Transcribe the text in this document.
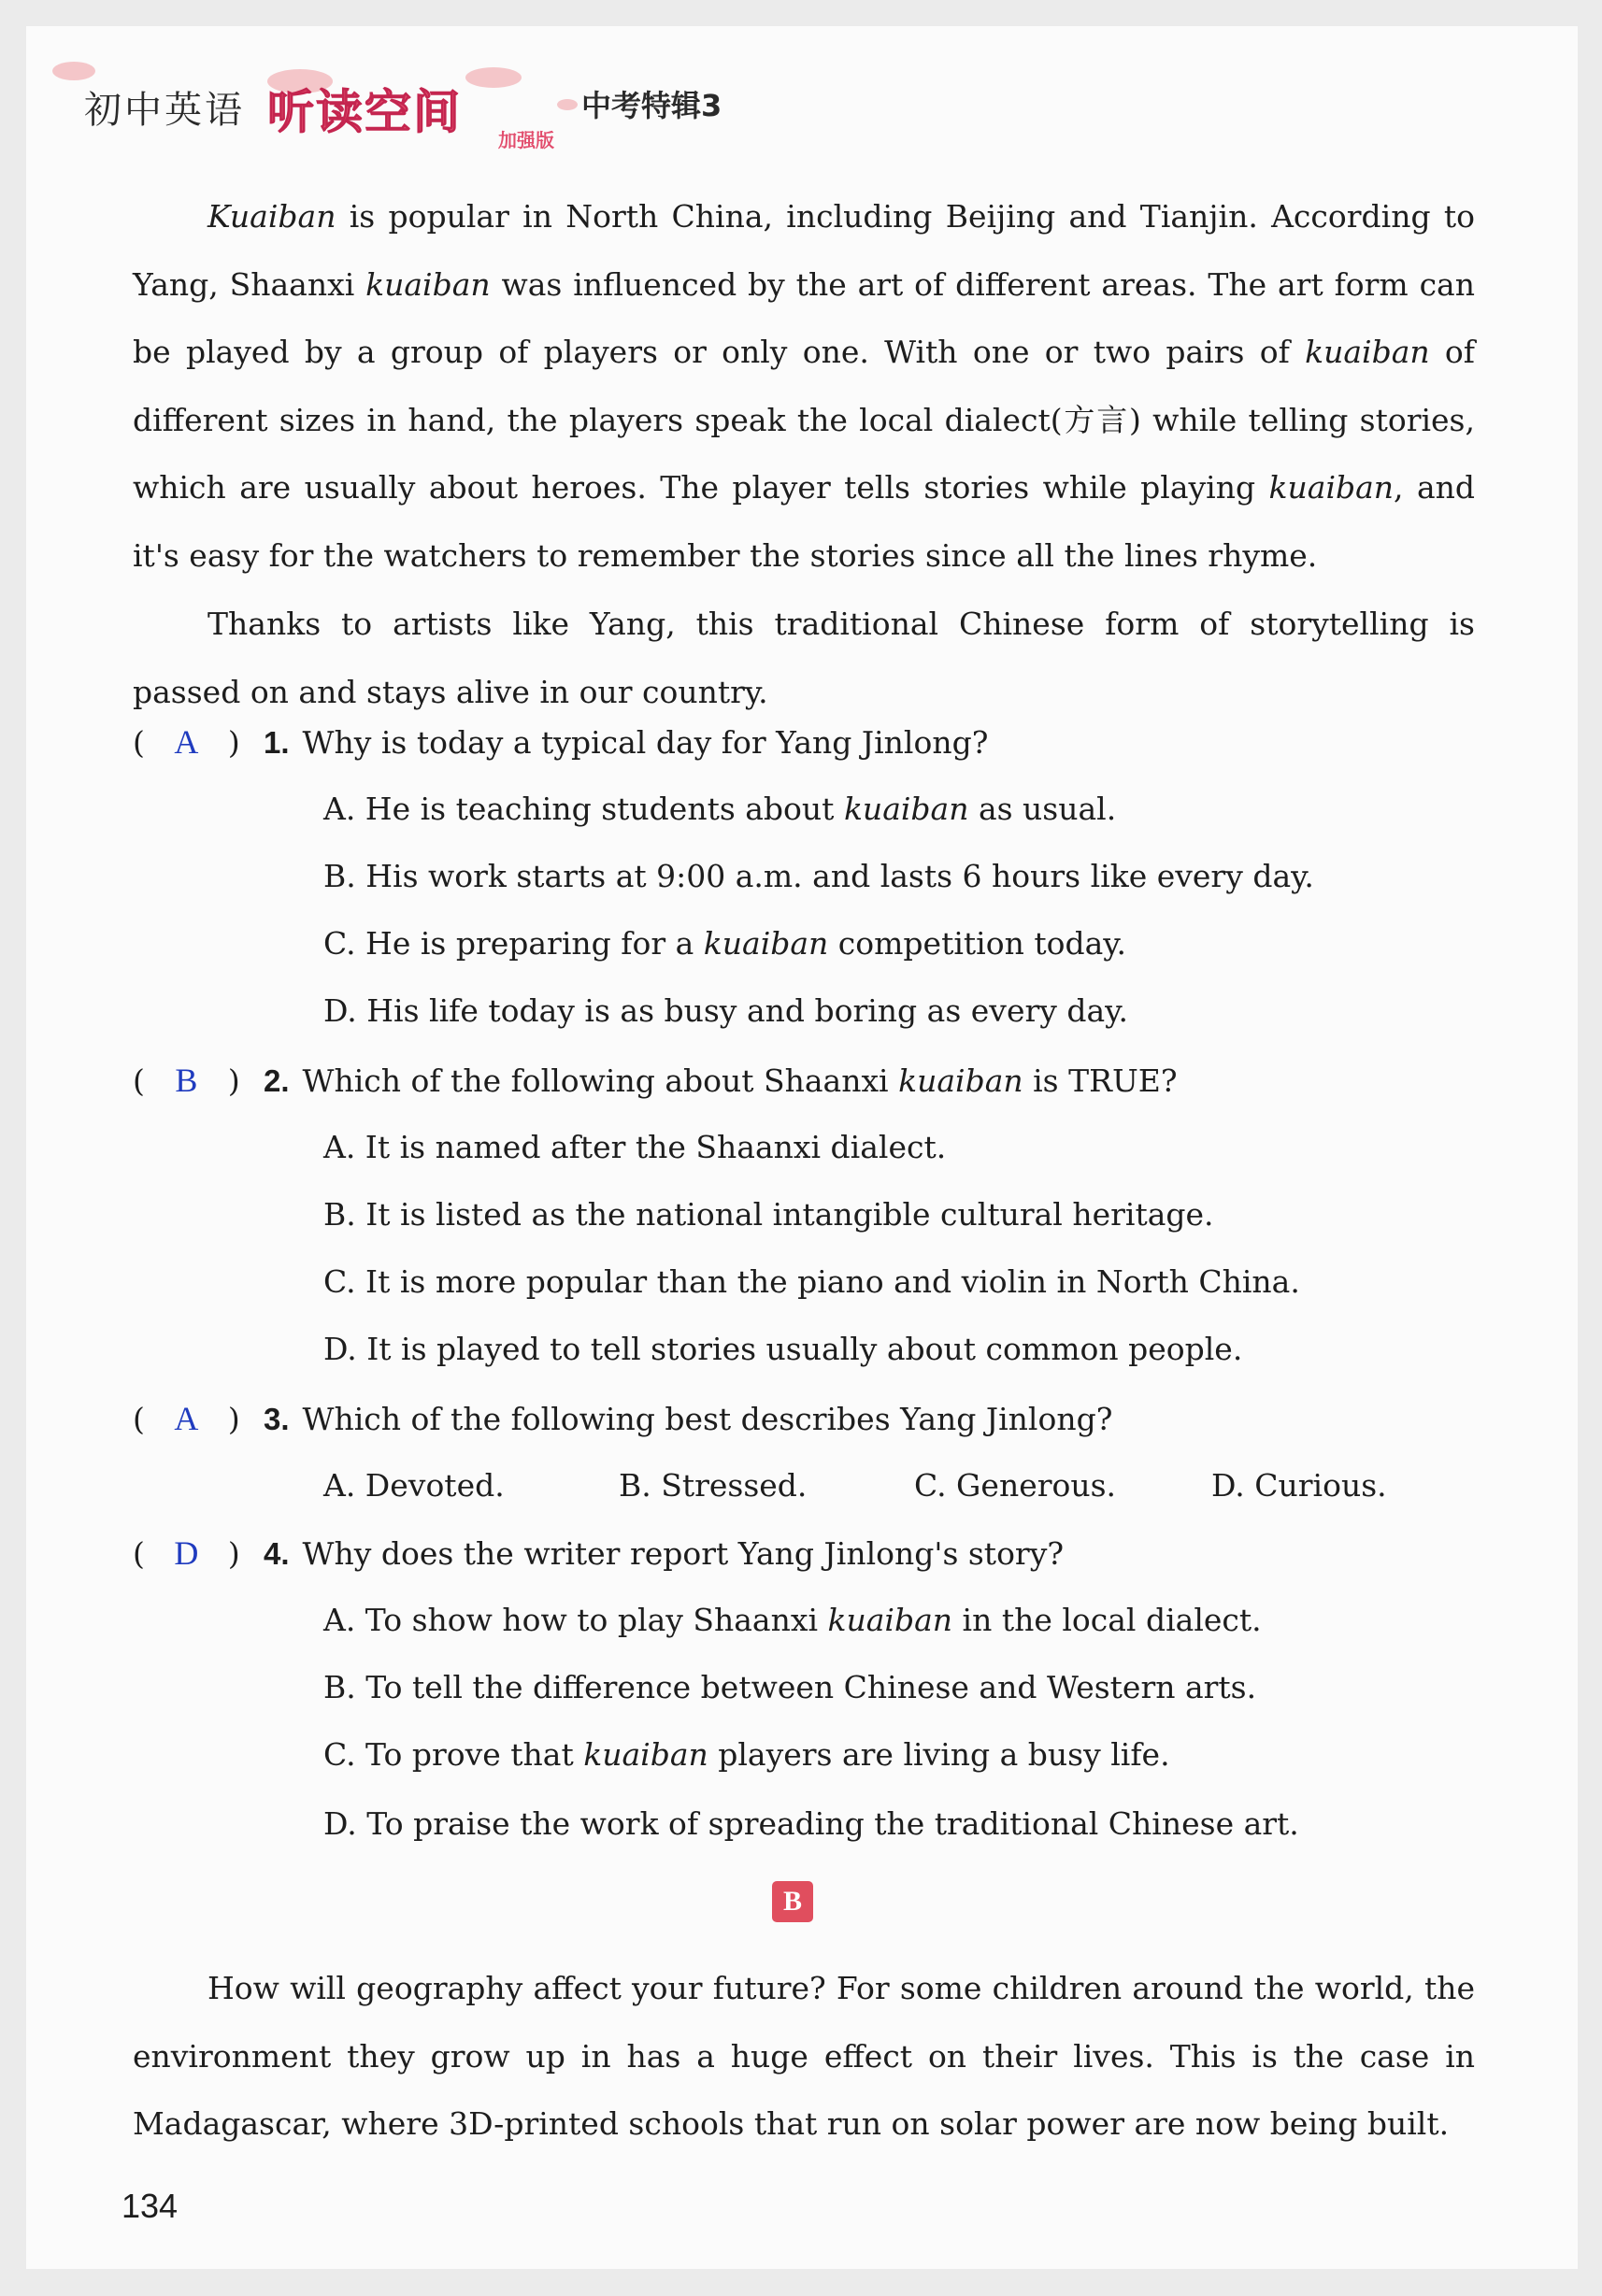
初中英语 听读空间
加强版
中考特辑3

Kuaiban is popular in North China, including Beijing and Tianjin. According to Yang, Shaanxi kuaiban was influenced by the art of different areas. The art form can be played by a group of players or only one. With one or two pairs of kuaiban of different sizes in hand, the players speak the local dialect(方言) while telling stories, which are usually about heroes. The player tells stories while playing kuaiban, and it's easy for the watchers to remember the stories since all the lines rhyme.

Thanks to artists like Yang, this traditional Chinese form of storytelling is passed on and stays alive in our country.

( A ) 1. Why is today a typical day for Yang Jinlong?
A. He is teaching students about kuaiban as usual.
B. His work starts at 9:00 a.m. and lasts 6 hours like every day.
C. He is preparing for a kuaiban competition today.
D. His life today is as busy and boring as every day.
( B ) 2. Which of the following about Shaanxi kuaiban is TRUE?
A. It is named after the Shaanxi dialect.
B. It is listed as the national intangible cultural heritage.
C. It is more popular than the piano and violin in North China.
D. It is played to tell stories usually about common people.
( A ) 3. Which of the following best describes Yang Jinlong?
A. Devoted.	B. Stressed.	C. Generous.	D. Curious.
( D ) 4. Why does the writer report Yang Jinlong's story?
A. To show how to play Shaanxi kuaiban in the local dialect.
B. To tell the difference between Chinese and Western arts.
C. To prove that kuaiban players are living a busy life.
D. To praise the work of spreading the traditional Chinese art.
B

How will geography affect your future? For some children around the world, the environment they grow up in has a huge effect on their lives. This is the case in Madagascar, where 3D-printed schools that run on solar power are now being built.

134
